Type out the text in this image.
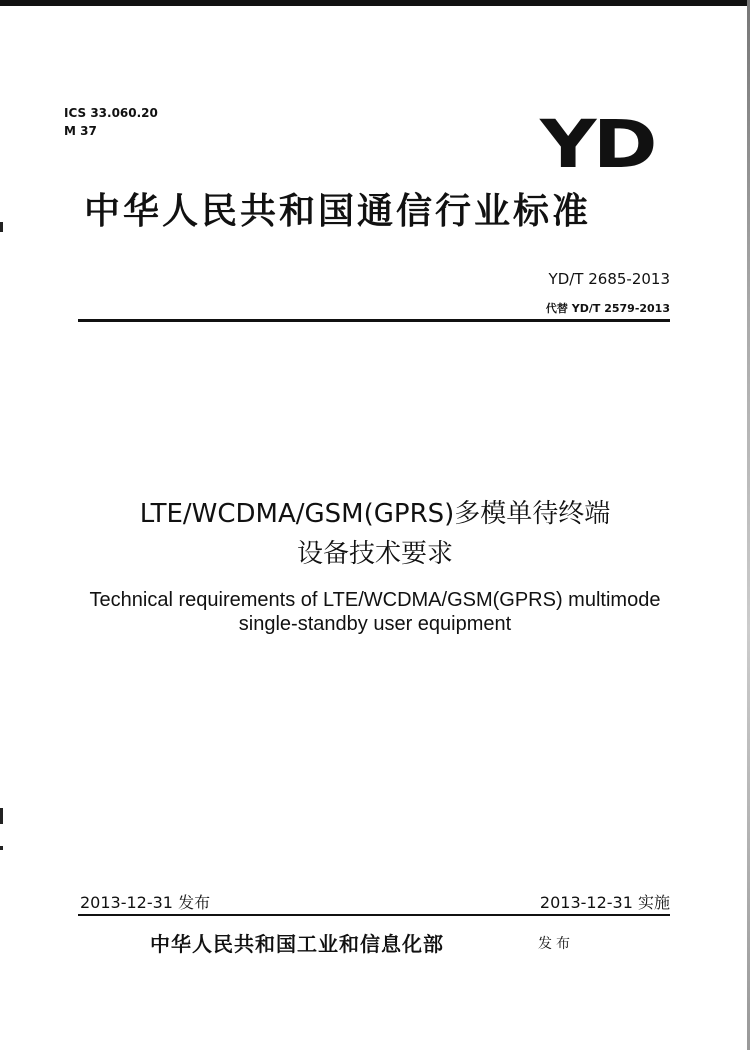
ICS 33.060.20
M 37	YD
中华人民共和国通信行业标准
YD/T 2685-2013
代替 YD/T 2579-2013
LTE/WCDMA/GSM(GPRS)多模单待终端
设备技术要求
Technical requirements of LTE/WCDMA/GSM(GPRS) multimode
single-standby user equipment
2013-12-31 发布	2013-12-31 实施
中华人民共和国工业和信息化部	发布
